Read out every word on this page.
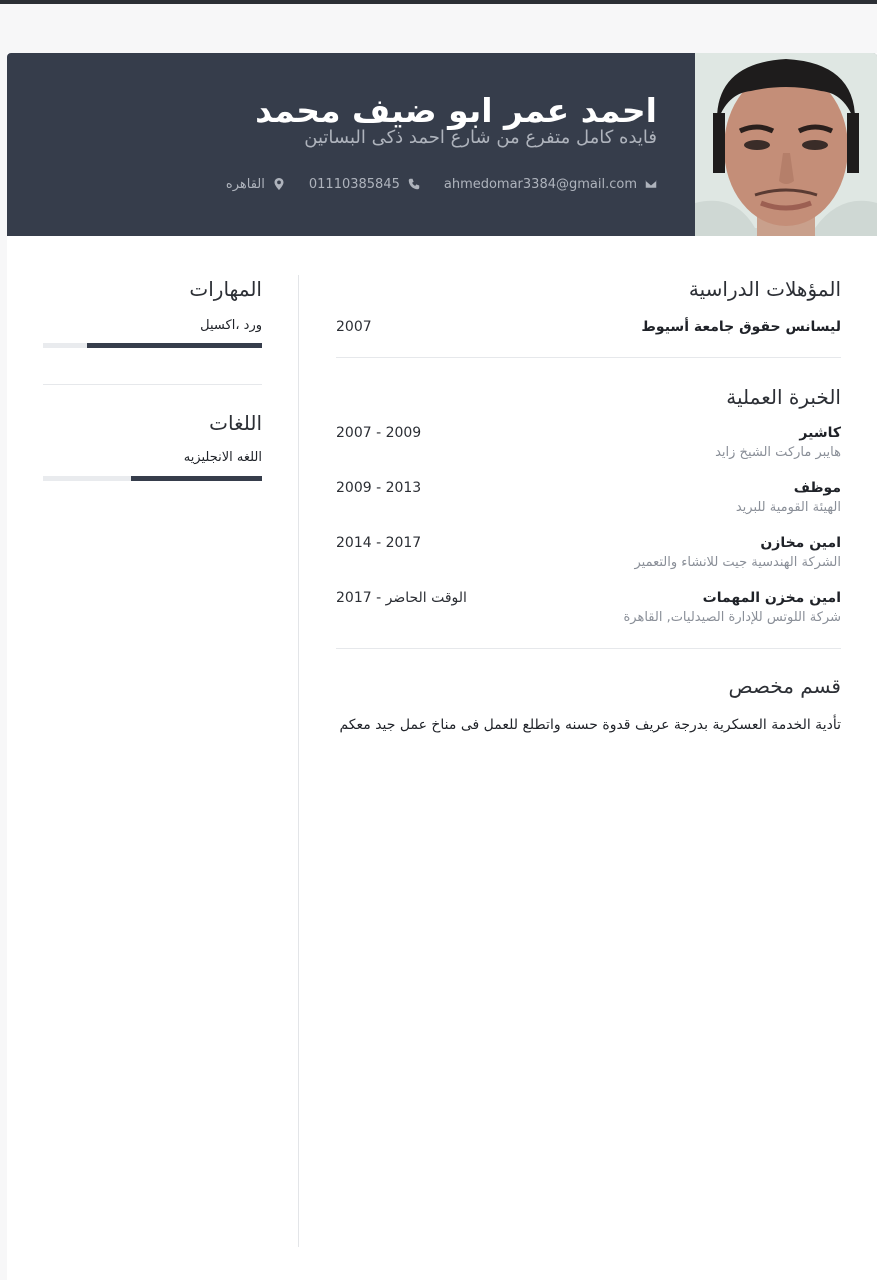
احمد عمر ابو ضيف محمد
فايده كامل متفرع من شارع احمد ذكى البساتين
ahmedomar3384@gmail.com
01110385845
القاهره
المؤهلات الدراسية
ليسانس حقوق جامعة أسيوط
2007
الخبرة العملية
كاشير
هايبر ماركت الشيخ زايد
2007 - 2009
موظف
الهيئة القومية للبريد
2009 - 2013
امين مخازن
الشركة الهندسية جيت للانشاء والتعمير
2014 - 2017
امين مخزن المهمات
شركة اللوتس للإدارة الصيدليات, القاهرة
2017 - الوقت الحاضر
قسم مخصص
تأدية الخدمة العسكرية بدرجة عريف قدوة حسنه واتطلع للعمل فى مناخ عمل جيد معكم
المهارات
ورد ،اكسيل
اللغات
اللغه الانجليزيه
